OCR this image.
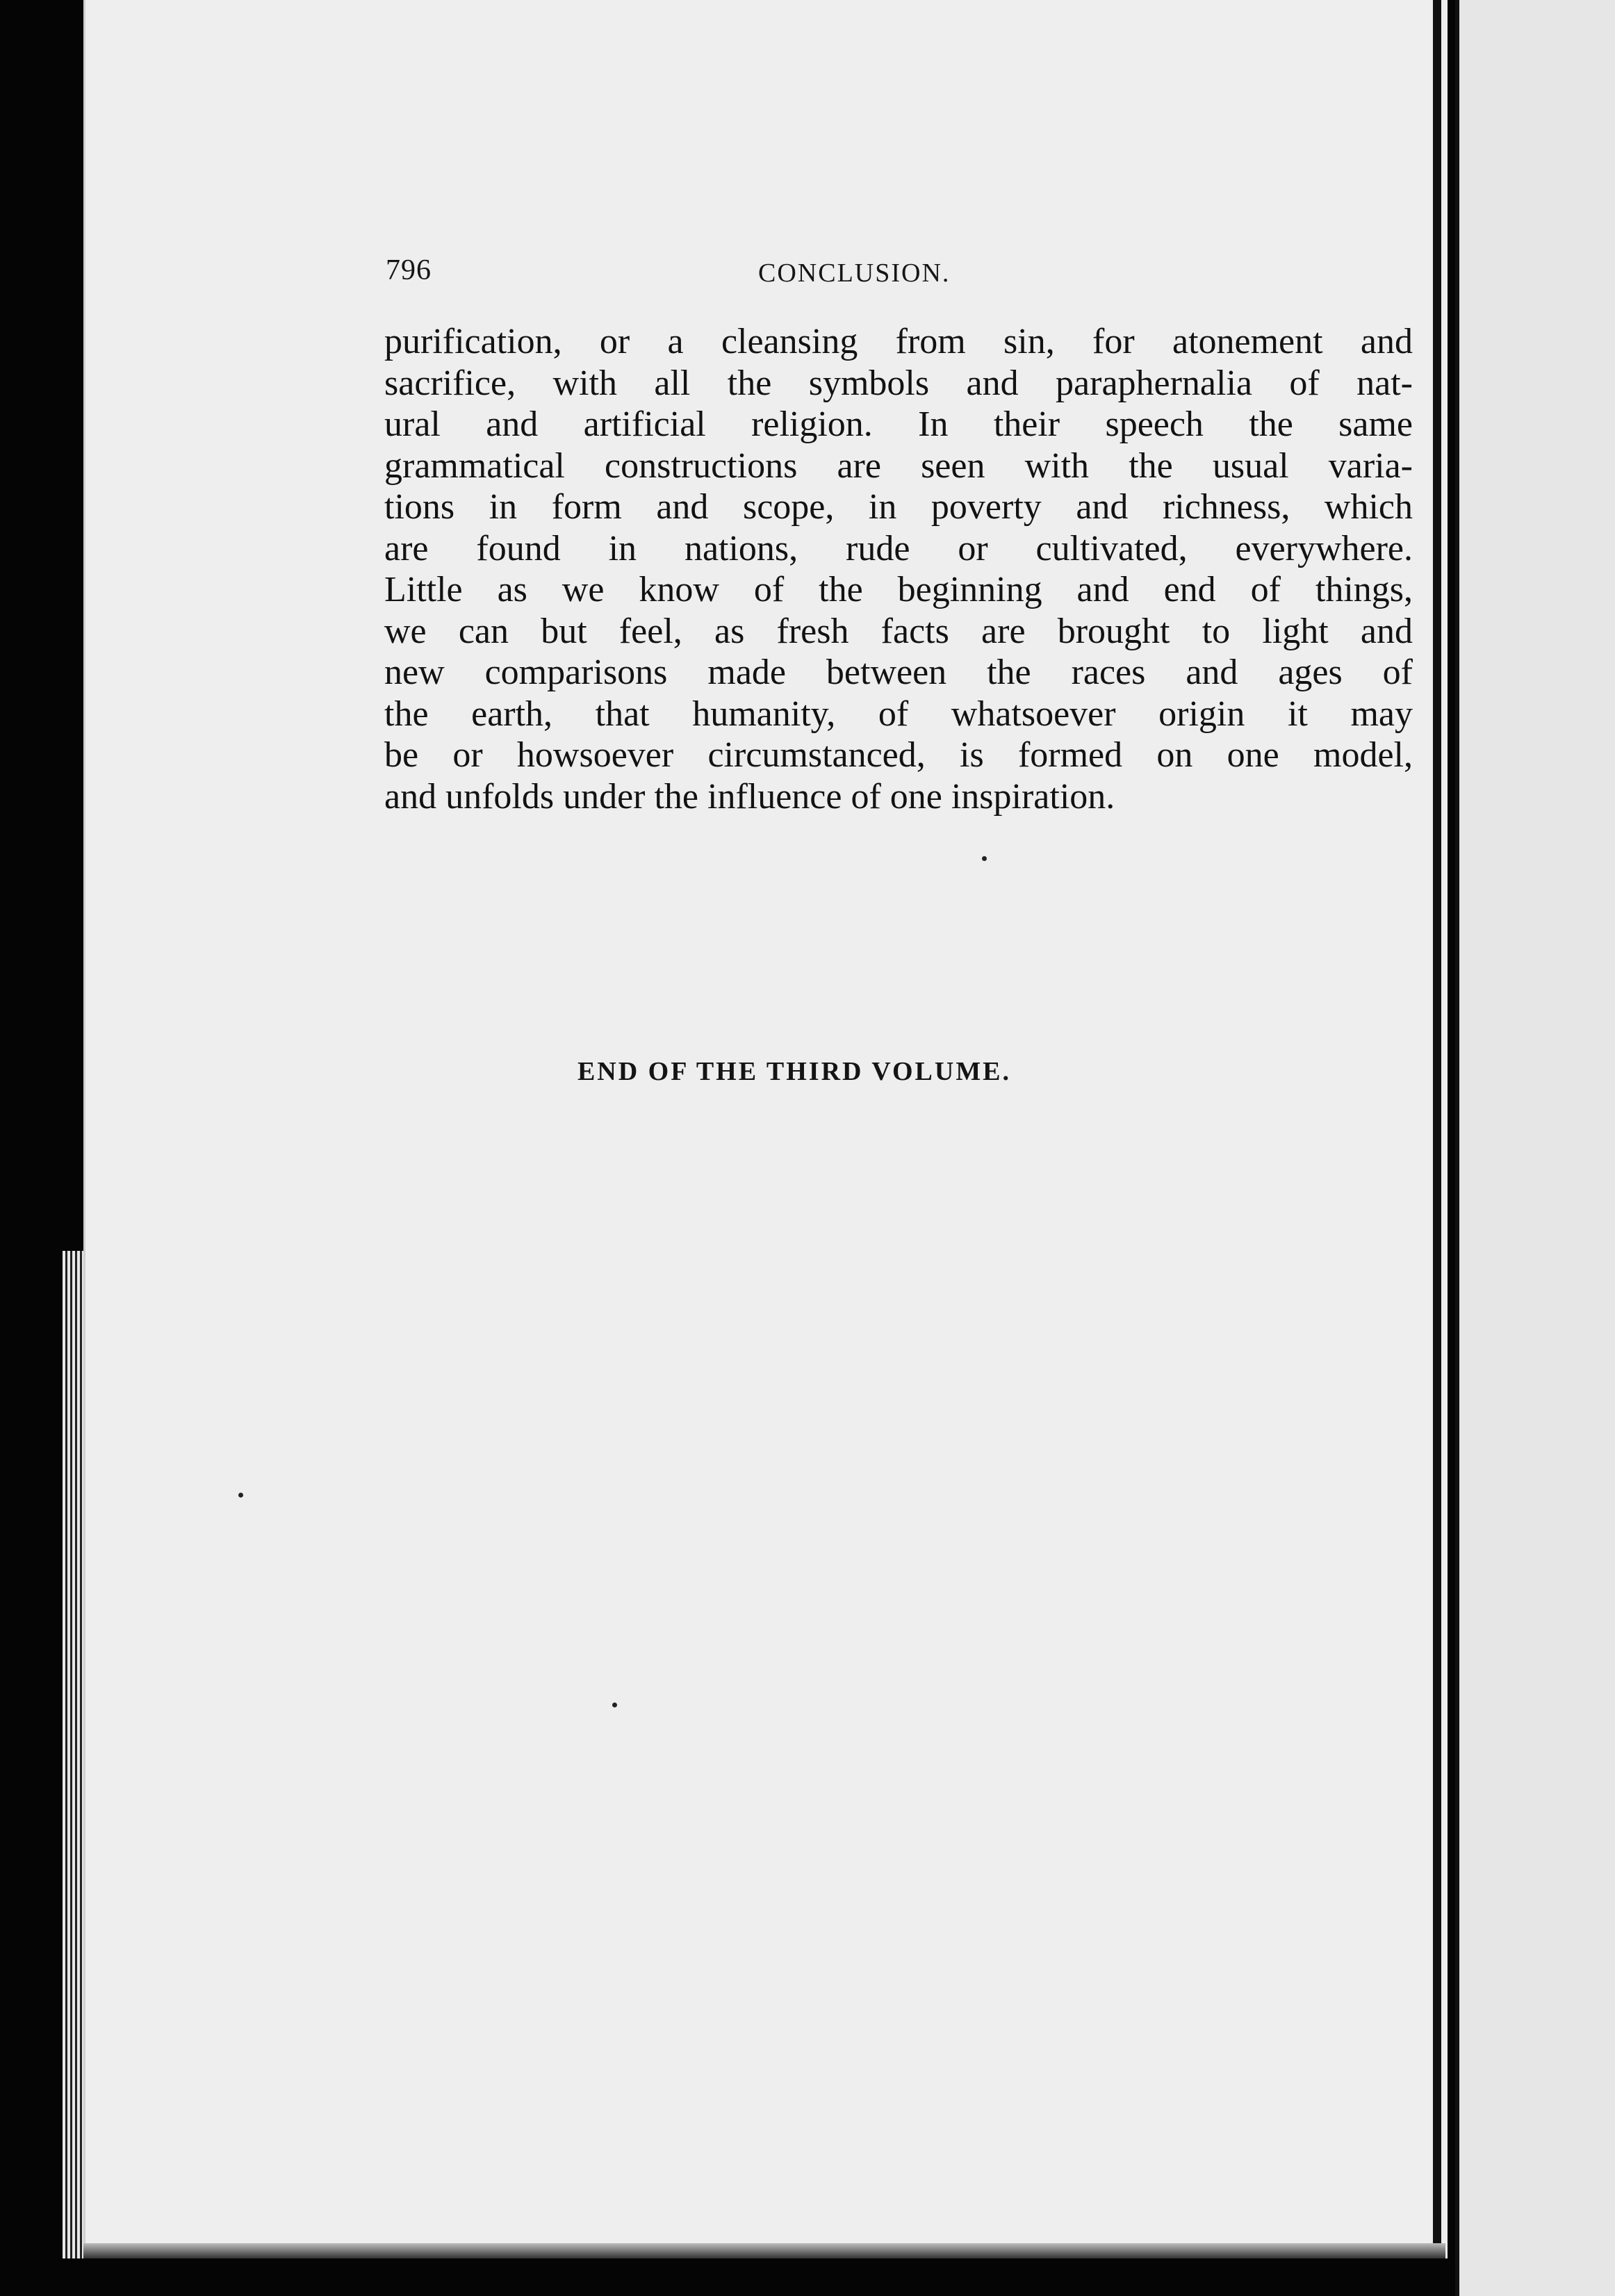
796	CONCLUSION.
purification, or a cleansing from sin, for atonement and
sacrifice, with all the symbols and paraphernalia of nat-
ural and artificial religion. In their speech the same
grammatical constructions are seen with the usual varia-
tions in form and scope, in poverty and richness, which
are found in nations, rude or cultivated, everywhere.
Little as we know of the beginning and end of things,
we can but feel, as fresh facts are brought to light and
new comparisons made between the races and ages of
the earth, that humanity, of whatsoever origin it may
be or howsoever circumstanced, is formed on one model,
and unfolds under the influence of one inspiration.
END OF THE THIRD VOLUME.
